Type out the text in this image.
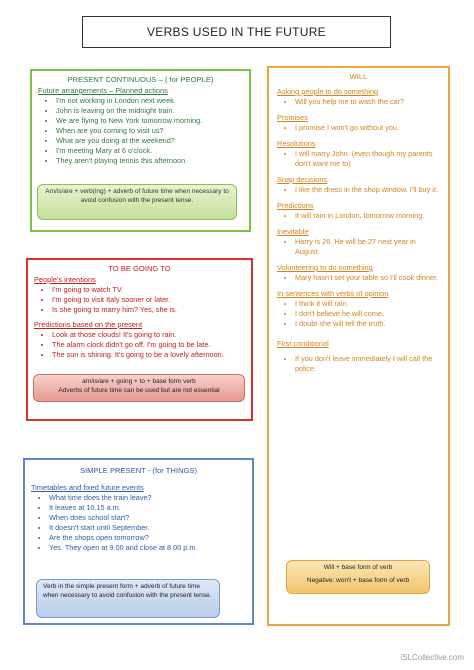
VERBS USED IN THE FUTURE
PRESENT CONTINUOUS – ( for PEOPLE)
Future arrangements – Planned actions
• I'm not working in London next week.
• John is leaving on the midnight train.
• We are flying to New York tomorrow morning.
• When are you coming to visit us?
• What are you doing at the weekend?
• I'm meeting Mary at 6 o'clock.
• They aren't playing tennis this afternoon.
Am/is/are + verb(ing) + adverb of future time when necessary to avoid confusion with the present tense.
TO BE GOING TO
People's intentions
• I'm going to watch TV.
• I'm going to visit Italy sooner or later.
• Is she going to marry him? Yes, she is.
Predictions based on the present
• Look at those clouds! It's going to rain.
• The alarm clock didn't go off. I'm going to be late.
• The sun is shining. It's going to be a lovely afternoon.
am/is/are + going + to + base form verb
Adverbs of future time can be used but are not essential
SIMPLE PRESENT - (for THINGS)
Timetables and fixed future events
• What time does the train leave?
• It leaves at 10.15 a.m.
• When does school start?
• It doesn't start until September.
• Are the shops open tomorrow?
• Yes. They open at 9.00 and close at 8.00 p.m.
Verb in the simple present form + adverb of future time when necessary to avoid confusion with the present tense.
WILL
Asking people to do something
• Will you help me to wash the car?
Promises
• I promise I won't go without you.
Resolutions
• I will marry John. (even though my parents don't want me to)
Snap decisions
• I like the dress in the shop window. I'll buy it.
Predictions
• It will rain in London, tomorrow morning.
Inevitable
• Harry is 26. He will be 27 next year in August.
Volunteering to do something
• Mary hasn't set your table so I'll cook dinner.
In sentences with verbs of opinion
• I think it will rain.
• I don't believe he will come.
• I doubt she will tell the truth.
First conditional
• If you don't leave immediately I will call the police.
Will + base form of verb
Negative: won't + base form of verb
iSLCollective.com
